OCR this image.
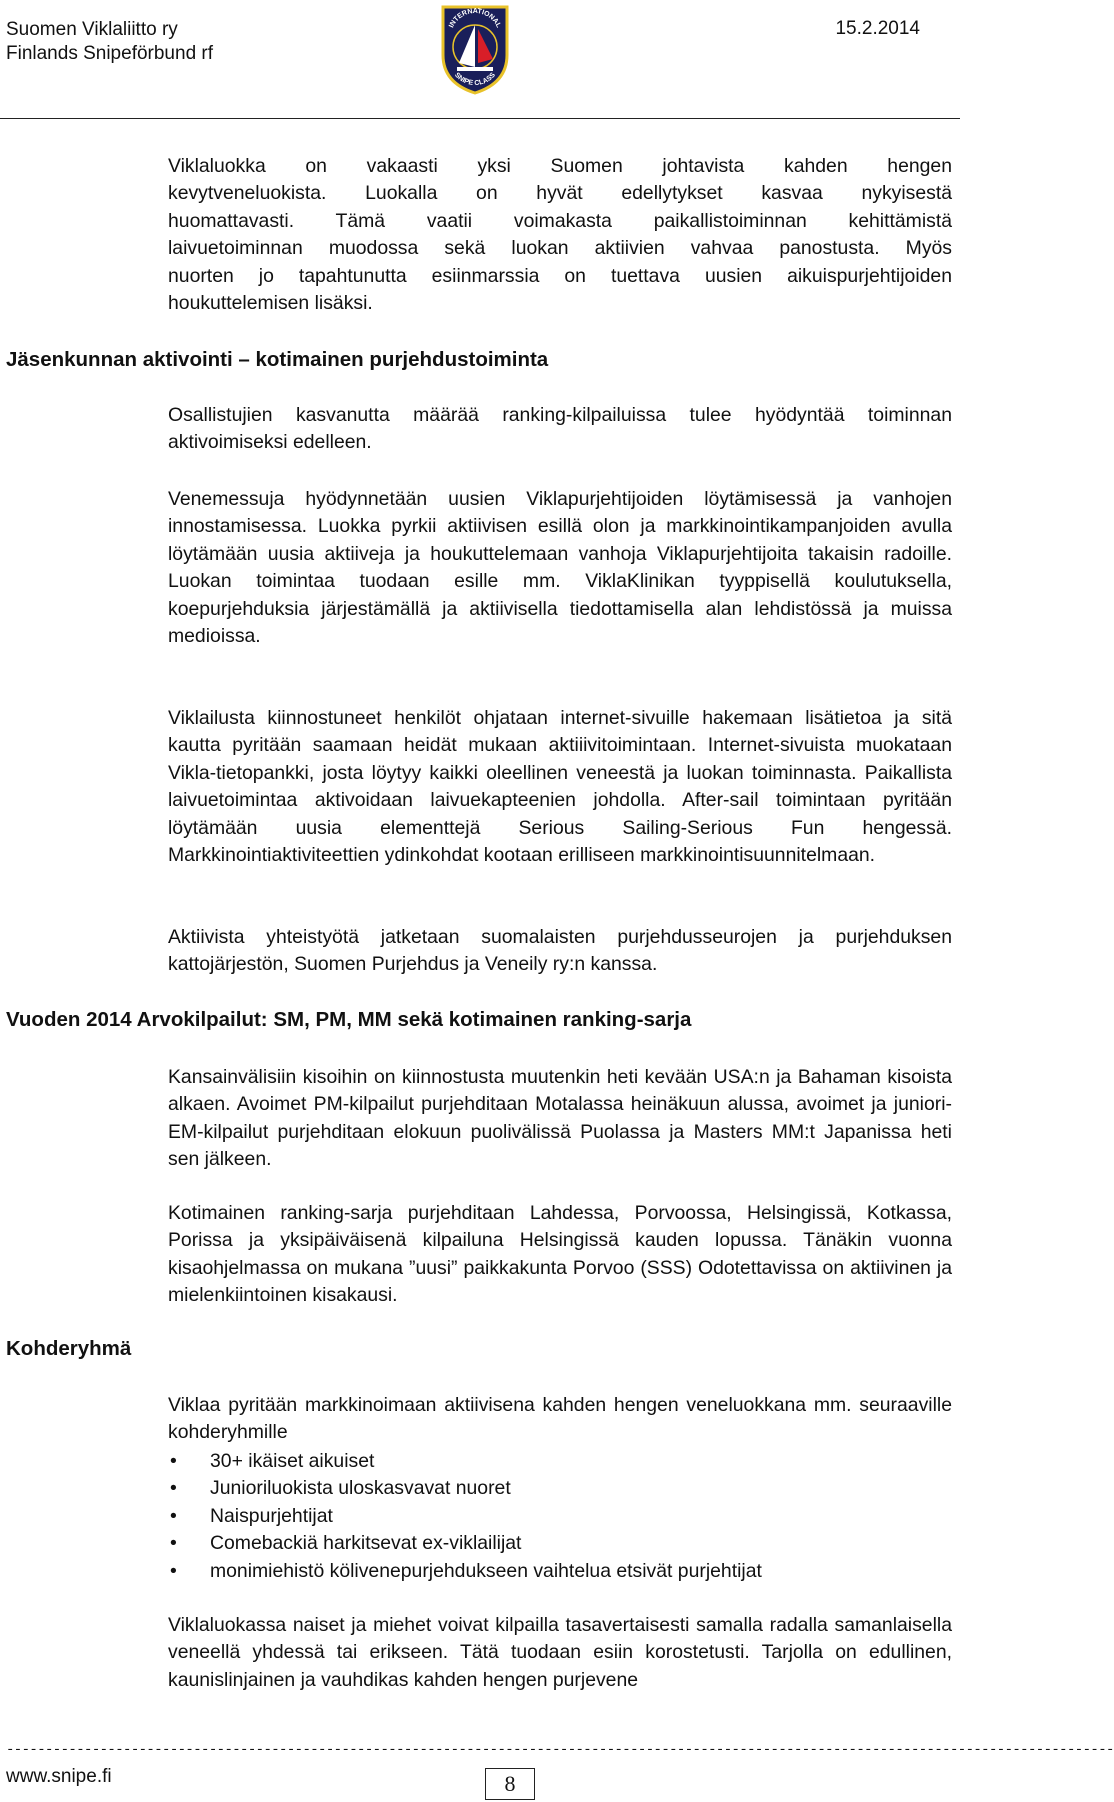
Suomen Viklaliitto ry
Finlands Snipeförbund rf
INTERNATIONAL
SNIPE CLASS
15.2.2014
Viklaluokka on vakaasti yksi Suomen johtavista kahden hengen
kevytveneluokista. Luokalla on hyvät edellytykset kasvaa nykyisestä
huomattavasti. Tämä vaatii voimakasta paikallistoiminnan kehittämistä
laivuetoiminnan muodossa sekä luokan aktiivien vahvaa panostusta. Myös
nuorten jo tapahtunutta esiinmarssia on tuettava uusien aikuispurjehtijoiden
houkuttelemisen lisäksi.
Jäsenkunnan aktivointi – kotimainen purjehdustoiminta

Osallistujien kasvanutta määrää ranking-kilpailuissa tulee hyödyntää toiminnan aktivoimiseksi edelleen.

Venemessuja hyödynnetään uusien Viklapurjehtijoiden löytämisessä ja vanhojen innostamisessa. Luokka pyrkii aktiivisen esillä olon ja markkinointikampanjoiden avulla löytämään uusia aktiiveja ja houkuttelemaan vanhoja Viklapurjehtijoita takaisin radoille. Luokan toimintaa tuodaan esille mm. ViklaKlinikan tyyppisellä koulutuksella, koepurjehduksia järjestämällä ja aktiivisella tiedottamisella alan lehdistössä ja muissa medioissa.

Viklailusta kiinnostuneet henkilöt ohjataan internet-sivuille hakemaan lisätietoa ja sitä kautta pyritään saamaan heidät mukaan aktiiivitoimintaan. Internet-sivuista muokataan Vikla-tietopankki, josta löytyy kaikki oleellinen veneestä ja luokan toiminnasta. Paikallista laivuetoimintaa aktivoidaan laivuekapteenien johdolla. After-sail toimintaan pyritään löytämään uusia elementtejä Serious Sailing-Serious Fun hengessä. Markkinointiaktiviteettien ydinkohdat kootaan erilliseen markkinointisuunnitelmaan.

Aktiivista yhteistyötä jatketaan suomalaisten purjehdusseurojen ja purjehduksen kattojärjestön, Suomen Purjehdus ja Veneily ry:n kanssa.

Vuoden 2014 Arvokilpailut: SM, PM, MM sekä kotimainen ranking-sarja

Kansainvälisiin kisoihin on kiinnostusta muutenkin heti kevään USA:n ja Bahaman kisoista alkaen. Avoimet PM-kilpailut purjehditaan Motalassa heinäkuun alussa, avoimet ja juniori-EM-kilpailut purjehditaan elokuun puolivälissä Puolassa ja Masters MM:t Japanissa heti sen jälkeen.

Kotimainen ranking-sarja purjehditaan Lahdessa, Porvoossa, Helsingissä, Kotkassa, Porissa ja yksipäiväisenä kilpailuna Helsingissä kauden lopussa. Tänäkin vuonna kisaohjelmassa on mukana ”uusi” paikkakunta Porvoo (SSS) Odotettavissa on aktiivinen ja mielenkiintoinen kisakausi.

Kohderyhmä

Viklaa pyritään markkinoimaan aktiivisena kahden hengen veneluokkana mm. seuraaville kohderyhmille

• 30+ ikäiset aikuiset
• Junioriluokista uloskasvavat nuoret
• Naispurjehtijat
• Comebackiä harkitsevat ex-viklailijat
• monimiehistö kölivenepurjehdukseen vaihtelua etsivät purjehtijat

Viklaluokassa naiset ja miehet voivat kilpailla tasavertaisesti samalla radalla samanlaisella veneellä yhdessä tai erikseen. Tätä tuodaan esiin korostetusti. Tarjolla on edullinen, kaunislinjainen ja vauhdikas kahden hengen purjevene

----------------------------------------------------------------------------------------------------------------------------------------------
www.snipe.fi	8
